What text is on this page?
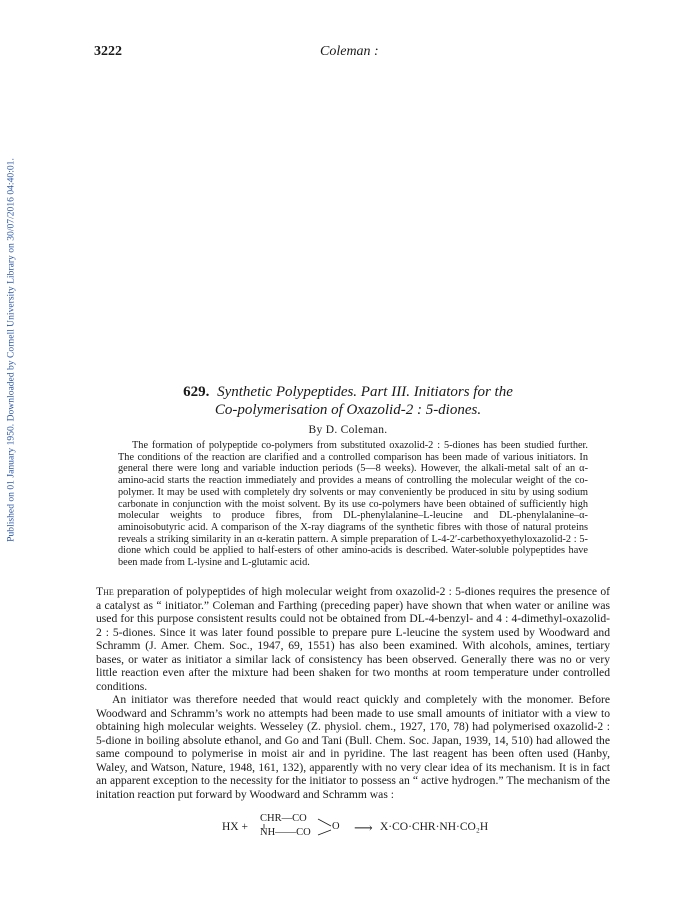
Published on 01 January 1950. Downloaded by Cornell University Library on 30/07/2016 04:40:01.
3222	Coleman :
629. Synthetic Polypeptides. Part III. Initiators for the
Co-polymerisation of Oxazolid-2 : 5-diones.
By D. Coleman.

The formation of polypeptide co-polymers from substituted oxazolid-2 : 5-diones has been studied further. The conditions of the reaction are clarified and a controlled comparison has been made of various initiators. In general there were long and variable induction periods (5—8 weeks). However, the alkali-metal salt of an α-amino-acid starts the reaction immediately and provides a means of controlling the molecular weight of the co-polymer. It may be used with completely dry solvents or may conveniently be produced in situ by using sodium carbonate in conjunction with the moist solvent. By its use co-polymers have been obtained of sufficiently high molecular weights to produce fibres, from DL-phenylalanine–L-leucine and DL-phenylalanine–α-aminoisobutyric acid. A comparison of the X-ray diagrams of the synthetic fibres with those of natural proteins reveals a striking similarity in an α-keratin pattern. A simple preparation of L-4-2′-carbethoxyethyloxazolid-2 : 5-dione which could be applied to half-esters of other amino-acids is described. Water-soluble polypeptides have been made from L-lysine and L-glutamic acid.

The preparation of polypeptides of high molecular weight from oxazolid-2 : 5-diones requires the presence of a catalyst as “ initiator.” Coleman and Farthing (preceding paper) have shown that when water or aniline was used for this purpose consistent results could not be obtained from DL-4-benzyl- and 4 : 4-dimethyl-oxazolid-2 : 5-diones. Since it was later found possible to prepare pure L-leucine the system used by Woodward and Schramm (J. Amer. Chem. Soc., 1947, 69, 1551) has also been examined. With alcohols, amines, tertiary bases, or water as initiator a similar lack of consistency has been observed. Generally there was no or very little reaction even after the mixture had been shaken for two months at room temperature under controlled conditions.

An initiator was therefore needed that would react quickly and completely with the monomer. Before Woodward and Schramm’s work no attempts had been made to use small amounts of initiator with a view to obtaining high molecular weights. Wesseley (Z. physiol. chem., 1927, 170, 78) had polymerised oxazolid-2 : 5-dione in boiling absolute ethanol, and Go and Tani (Bull. Chem. Soc. Japan, 1939, 14, 510) had allowed the same compound to polymerise in moist air and in pyridine. The last reagent has been often used (Hanby, Waley, and Watson, Nature, 1948, 161, 132), apparently with no very clear idea of its mechanism. It is in fact an apparent exception to the necessity for the initiator to possess an “ active hydrogen.” The mechanism of the initation reaction put forward by Woodward and Schramm was :

HX +
CHR—CO
NH——CO
O ⟶ X·CO·CHR·NH·CO₂H
